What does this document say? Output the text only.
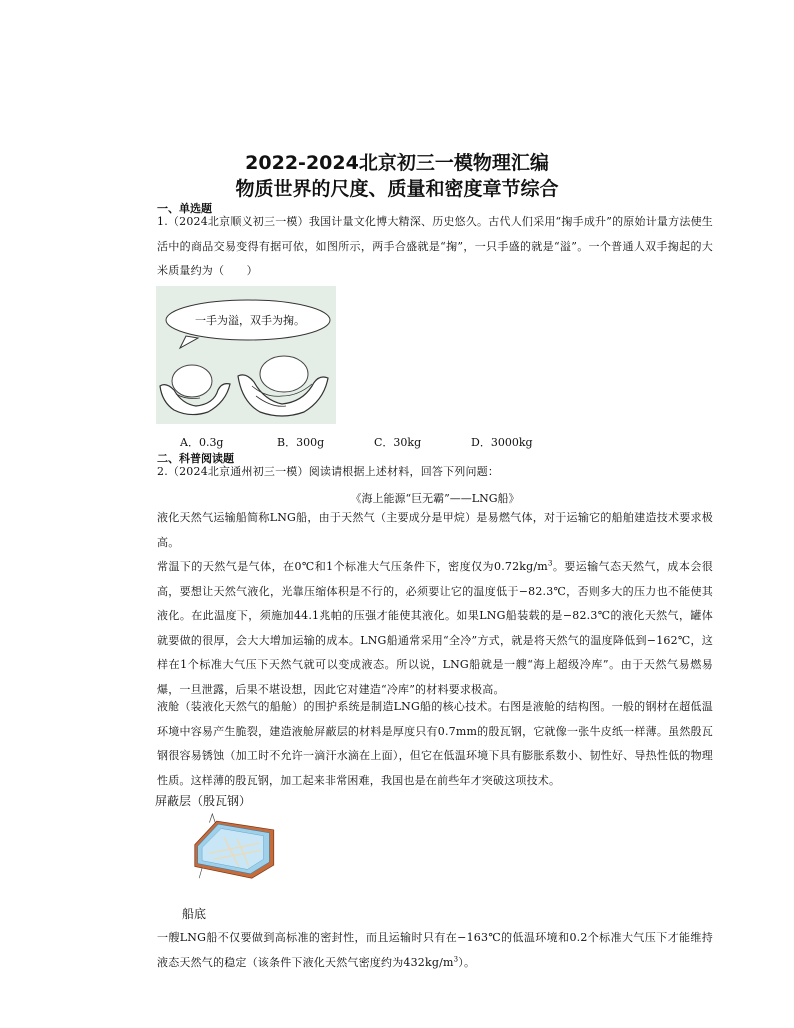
2022-2024北京初三一模物理汇编
物质世界的尺度、质量和密度章节综合
一、单选题

1.（2024北京顺义初三一模）我国计量文化博大精深、历史悠久。古代人们采用“掬手成升”的原始计量方法使生活中的商品交易变得有据可依，如图所示，两手合盛就是“掬”，一只手盛的就是“溢”。一个普通人双手掬起的大米质量约为（　　）

一手为溢，双手为掬。
A．0.3g	B．300g	C．30kg	D．3000kg
二、科普阅读题

2.（2024北京通州初三一模）阅读请根据上述材料，回答下列问题：

《海上能源“巨无霸”——LNG船》

液化天然气运输船简称LNG船，由于天然气（主要成分是甲烷）是易燃气体，对于运输它的船舶建造技术要求极高。

常温下的天然气是气体，在0℃和1个标准大气压条件下，密度仅为$0.72kg/m^3$。要运输气态天然气，成本会很高，要想让天然气液化，光靠压缩体积是不行的，必须要让它的温度低于−82.3℃，否则多大的压力也不能使其液化。在此温度下，须施加44.1兆帕的压强才能使其液化。如果LNG船装载的是−82.3℃的液化天然气，罐体就要做的很厚，会大大增加运输的成本。LNG船通常采用“全冷”方式，就是将天然气的温度降低到−162℃，这样在1个标准大气压下天然气就可以变成液态。所以说，LNG船就是一艘“海上超级冷库”。由于天然气易燃易爆，一旦泄露，后果不堪设想，因此它对建造“冷库”的材料要求极高。

液舱（装液化天然气的船舱）的围护系统是制造LNG船的核心技术。右图是液舱的结构图。一般的钢材在超低温环境中容易产生脆裂，建造液舱屏蔽层的材料是厚度只有0.7mm的殷瓦钢，它就像一张牛皮纸一样薄。虽然殷瓦钢很容易锈蚀（加工时不允许一滴汗水滴在上面），但它在低温环境下具有膨胀系数小、韧性好、导热性低的物理性质。这样薄的殷瓦钢，加工起来非常困难，我国也是在前些年才突破这项技术。

屏蔽层（殷瓦钢）
船底

一艘LNG船不仅要做到高标准的密封性，而且运输时只有在−163℃的低温环境和0.2个标准大气压下才能维持液态天然气的稳定（该条件下液化天然气密度约为$432kg/m^3$）。
